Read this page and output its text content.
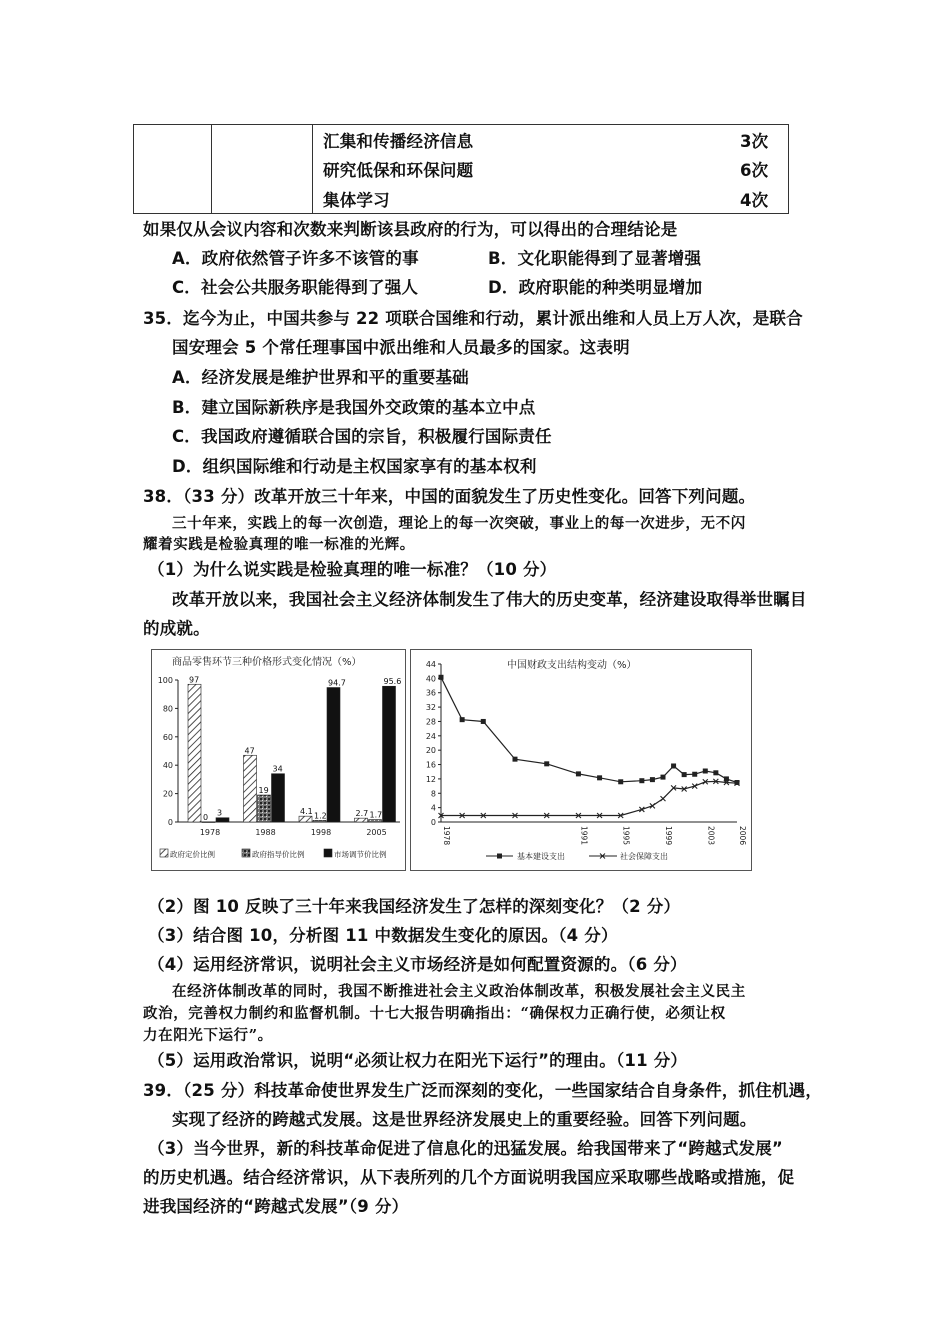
汇集和传播经济信息	3次
研究低保和环保问题	6次
集体学习	4次
如果仅从会议内容和次数来判断该县政府的行为，可以得出的合理结论是
A．政府依然管子许多不该管的事	B．文化职能得到了显著增强
C．社会公共服务职能得到了强人	D．政府职能的种类明显增加
35．迄今为止，中国共参与 22 项联合国维和行动，累计派出维和人员上万人次，是联合
国安理会 5 个常任理事国中派出维和人员最多的国家。这表明
A．经济发展是维护世界和平的重要基础
B．建立国际新秩序是我国外交政策的基本立中点
C．我国政府遵循联合国的宗旨，积极履行国际责任
D．组织国际维和行动是主权国家享有的基本权利
38．（33 分）改革开放三十年来，中国的面貌发生了历史性变化。回答下列问题。
三十年来，实践上的每一次创造，理论上的每一次突破，事业上的每一次进步，无不闪
耀着实践是检验真理的唯一标准的光辉。
（1）为什么说实践是检验真理的唯一标准？（10 分）
改革开放以来，我国社会主义经济体制发生了伟大的历史变革，经济建设取得举世瞩目
的成就。
商品零售环节三种价格形式变化情况（%）
0
20
40
60
80
100
1978	1988	1998	2005
97
0 3
47
19
34
4.1 1.2
94.7
2.7 1.7
95.6
政府定价比例	政府指导价比例	市场调节价比例
中国财政支出结构变动（%）
0
4
8
12
16
20
24
28
32
36
40
44
1978	1991	1995	1999	2003	2006
基本建设支出	社会保障支出
（2）图 10 反映了三十年来我国经济发生了怎样的深刻变化？（2 分）
（3）结合图 10，分析图 11 中数据发生变化的原因。（4 分）
（4）运用经济常识，说明社会主义市场经济是如何配置资源的。（6 分）
在经济体制改革的同时，我国不断推进社会主义政治体制改革，积极发展社会主义民主
政治，完善权力制约和监督机制。十七大报告明确指出：“确保权力正确行使，必须让权
力在阳光下运行”。
（5）运用政治常识，说明“必须让权力在阳光下运行”的理由。（11 分）
39．（25 分）科技革命使世界发生广泛而深刻的变化，一些国家结合自身条件，抓住机遇，
实现了经济的跨越式发展。这是世界经济发展史上的重要经验。回答下列问题。
（3）当今世界，新的科技革命促进了信息化的迅猛发展。给我国带来了“跨越式发展”
的历史机遇。结合经济常识，从下表所列的几个方面说明我国应采取哪些战略或措施，促
进我国经济的“跨越式发展”（9 分）
